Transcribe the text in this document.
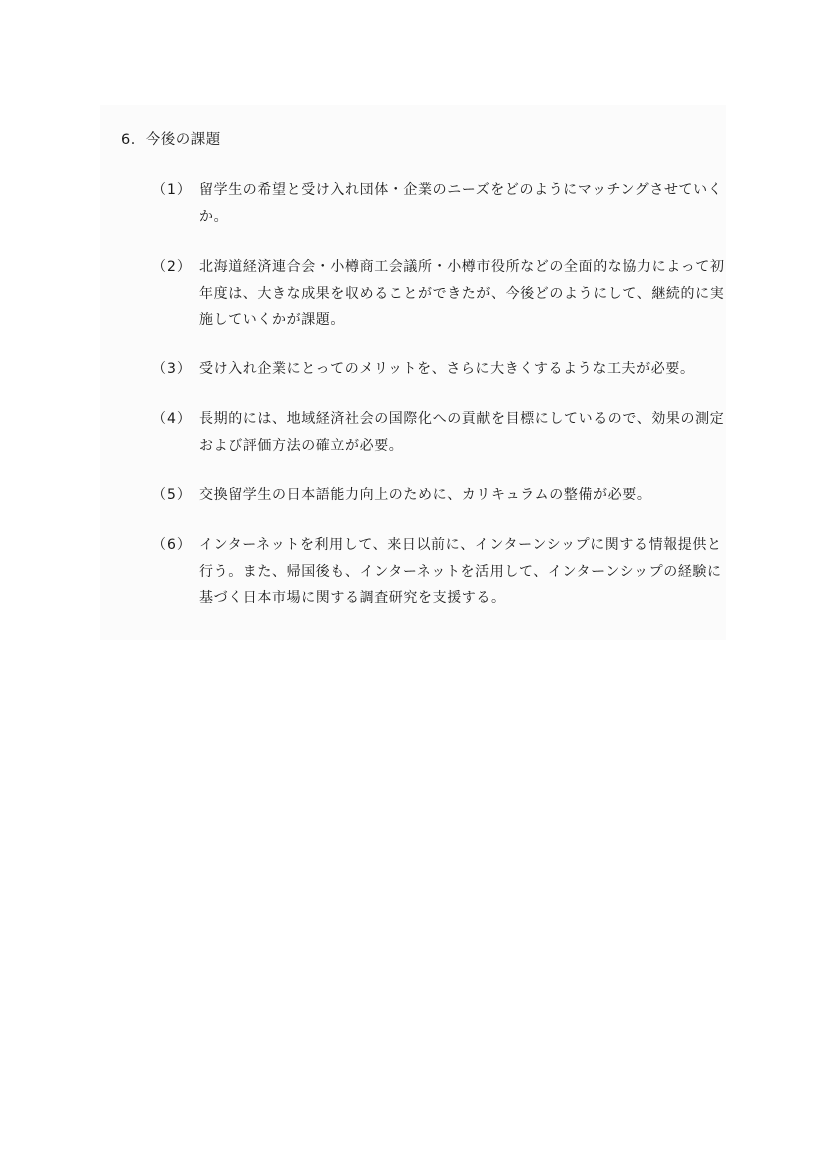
6．今後の課題
（1） 留学生の希望と受け入れ団体・企業のニーズをどのようにマッチングさせていくか。
（2） 北海道経済連合会・小樽商工会議所・小樽市役所などの全面的な協力によって初年度は、大きな成果を収めることができたが、今後どのようにして、継続的に実施していくかが課題。
（3） 受け入れ企業にとってのメリットを、さらに大きくするような工夫が必要。
（4） 長期的には、地域経済社会の国際化への貢献を目標にしているので、効果の測定および評価方法の確立が必要。
（5） 交換留学生の日本語能力向上のために、カリキュラムの整備が必要。
（6） インターネットを利用して、来日以前に、インターンシップに関する情報提供と行う。また、帰国後も、インターネットを活用して、インターンシップの経験に基づく日本市場に関する調査研究を支援する。
